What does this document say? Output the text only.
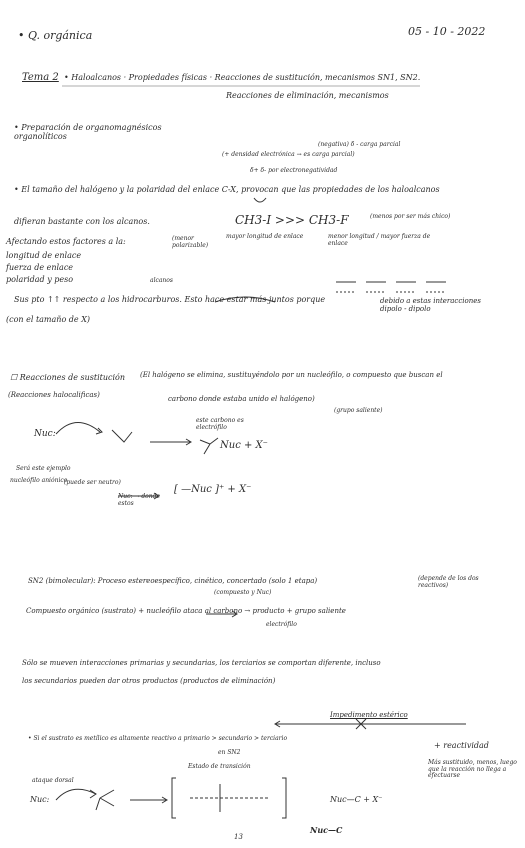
• Q. orgánica	05 - 10 - 2022
Tema 2 • Haloalcanos · Propiedades físicas · Reacciones de sustitución, mecanismos SN1, SN2.
Reacciones de eliminación, mecanismos
• Preparación de organomagnésicos organolíticos
(+ densidad electrónica → es carga parcial)
(negativa) δ - carga parcial
δ+ δ- por electronegatividad
• El tamaño del halógeno y la polaridad del enlace C-X, provocan que las propiedades de los haloalcanos
difieran bastante con los alcanos.	CH3-I >>> CH3-F
mayor longitud de enlace	menor longitud / mayor fuerza de enlace
(menor polarizable)
(menos por ser más chico)
Afectando estos factores a la:
longitud de enlace
fuerza de enlace
polaridad y peso	alcanos
Sus pto ↑↑ respecto a los hidrocarburos. Esto hace estar más juntos porque
(con el tamaño de X)
debido a estas interacciones dipolo - dipolo
☐ Reacciones de sustitución (El halógeno se elimina, sustituyéndolo por un nucleófilo, o compuesto que buscan el
(Reacciones halocalificas)	carbono donde estaba unido el halógeno)
(grupo saliente)
Nuc:
este carbono es electrófilo
Nuc + X⁻
Será este ejemplo
nucleófilo aniónico
(puede ser neutro)
Nuc: → donde estos
[ —Nuc ]⁺ + X⁻
SN2 (bimolecular): Proceso estereoespecífico, cinético, concertado (solo 1 etapa)	(depende de los dos reactivos)
(compuesto y Nuc)
Compuesto orgánico (sustrato) + nucleófilo ataca al carbono → producto + grupo saliente
electrófilo
Sólo se mueven interacciones primarias y secundarias, los terciarios se comportan diferente, incluso
los secundarios pueden dar otros productos (productos de eliminación)
Impedimento estérico
• Si el sustrato es metílico es altamente reactivo a primario > secundario > terciario
en SN2
+ reactividad
Más sustituido, menos, luego que la reacción no llega a efectuarse
Estado de transición
Nuc:
ataque dorsal
Nuc—C + X⁻
Nuc—C
13
